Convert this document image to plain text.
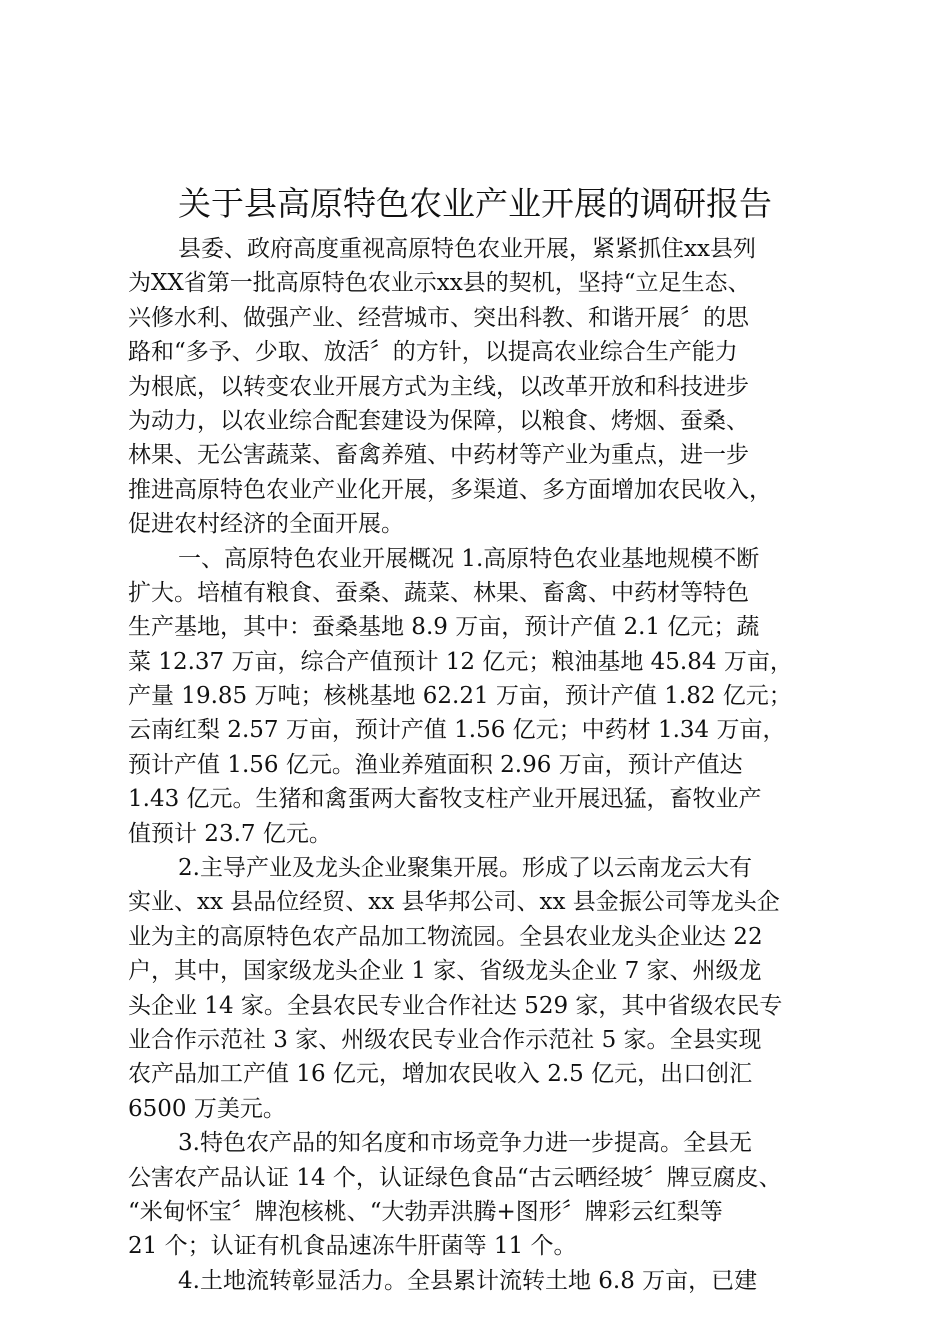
关于县高原特色农业产业开展的调研报告

县委、政府高度重视高原特色农业开展，紧紧抓住xx县列
为XX省第一批高原特色农业示xx县的契机，坚持“立足生态、
兴修水利、做强产业、经营城市、突出科教、和谐开展〞的思
路和“多予、少取、放活〞的方针，以提高农业综合生产能力
为根底，以转变农业开展方式为主线，以改革开放和科技进步
为动力，以农业综合配套建设为保障，以粮食、烤烟、蚕桑、
林果、无公害蔬菜、畜禽养殖、中药材等产业为重点，进一步
推进高原特色农业产业化开展，多渠道、多方面增加农民收入，
促进农村经济的全面开展。

一、高原特色农业开展概况 1.高原特色农业基地规模不断
扩大。培植有粮食、蚕桑、蔬菜、林果、畜禽、中药材等特色
生产基地，其中：蚕桑基地 8.9 万亩，预计产值 2.1 亿元；蔬
菜 12.37 万亩，综合产值预计 12 亿元；粮油基地 45.84 万亩，
产量 19.85 万吨；核桃基地 62.21 万亩，预计产值 1.82 亿元；
云南红梨 2.57 万亩，预计产值 1.56 亿元；中药材 1.34 万亩，
预计产值 1.56 亿元。渔业养殖面积 2.96 万亩，预计产值达
1.43 亿元。生猪和禽蛋两大畜牧支柱产业开展迅猛，畜牧业产
值预计 23.7 亿元。

2.主导产业及龙头企业聚集开展。形成了以云南龙云大有
实业、xx 县品位经贸、xx 县华邦公司、xx 县金振公司等龙头企
业为主的高原特色农产品加工物流园。全县农业龙头企业达 22
户，其中，国家级龙头企业 1 家、省级龙头企业 7 家、州级龙
头企业 14 家。全县农民专业合作社达 529 家，其中省级农民专
业合作示范社 3 家、州级农民专业合作示范社 5 家。全县实现
农产品加工产值 16 亿元，增加农民收入 2.5 亿元，出口创汇
6500 万美元。

3.特色农产品的知名度和市场竞争力进一步提高。全县无
公害农产品认证 14 个，认证绿色食品“古云晒经坡〞牌豆腐皮、
“米甸怀宝〞牌泡核桃、“大勃弄洪腾+图形〞牌彩云红梨等
21 个；认证有机食品速冻牛肝菌等 11 个。

4.土地流转彰显活力。全县累计流转土地 6.8 万亩，已建
